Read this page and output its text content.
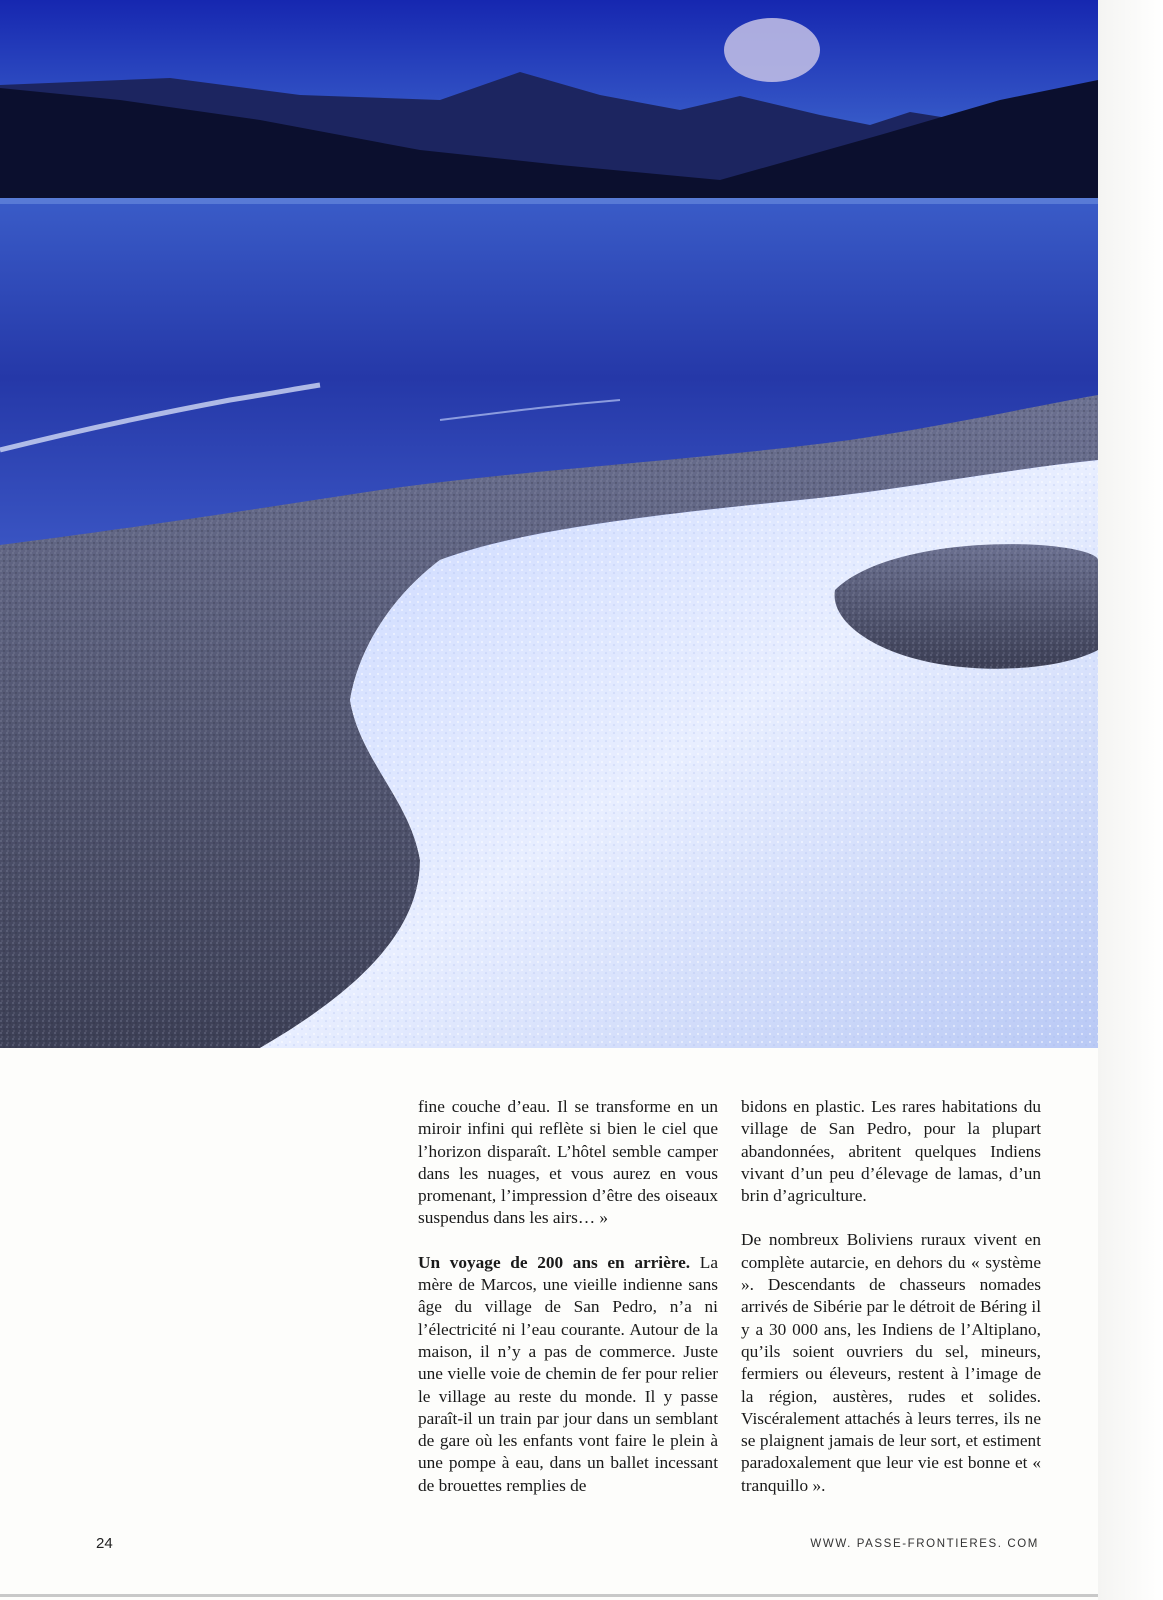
fine couche d’eau. Il se transforme en un miroir infini qui reflète si bien le ciel que l’horizon disparaît. L’hôtel semble camper dans les nuages, et vous aurez en vous promenant, l’impression d’être des oiseaux suspendus dans les airs… »

Un voyage de 200 ans en arrière. La mère de Marcos, une vieille indienne sans âge du village de San Pedro, n’a ni l’électricité ni l’eau courante. Autour de la maison, il n’y a pas de commerce. Juste une vielle voie de chemin de fer pour relier le village au reste du monde. Il y passe paraît-il un train par jour dans un semblant de gare où les enfants vont faire le plein à une pompe à eau, dans un ballet incessant de brouettes remplies de

bidons en plastic. Les rares habitations du village de San Pedro, pour la plupart abandonnées, abritent quelques Indiens vivant d’un peu d’élevage de lamas, d’un brin d’agriculture.

De nombreux Boliviens ruraux vivent en complète autarcie, en dehors du « système ». Descendants de chasseurs nomades arrivés de Sibérie par le détroit de Béring il y a 30 000 ans, les Indiens de l’Altiplano, qu’ils soient ouvriers du sel, mineurs, fermiers ou éleveurs, restent à l’image de la région, austères, rudes et solides. Viscéralement attachés à leurs terres, ils ne se plaignent jamais de leur sort, et estiment paradoxalement que leur vie est bonne et « tranquillo ».

24	WWW. PASSE-FRONTIERES. COM
